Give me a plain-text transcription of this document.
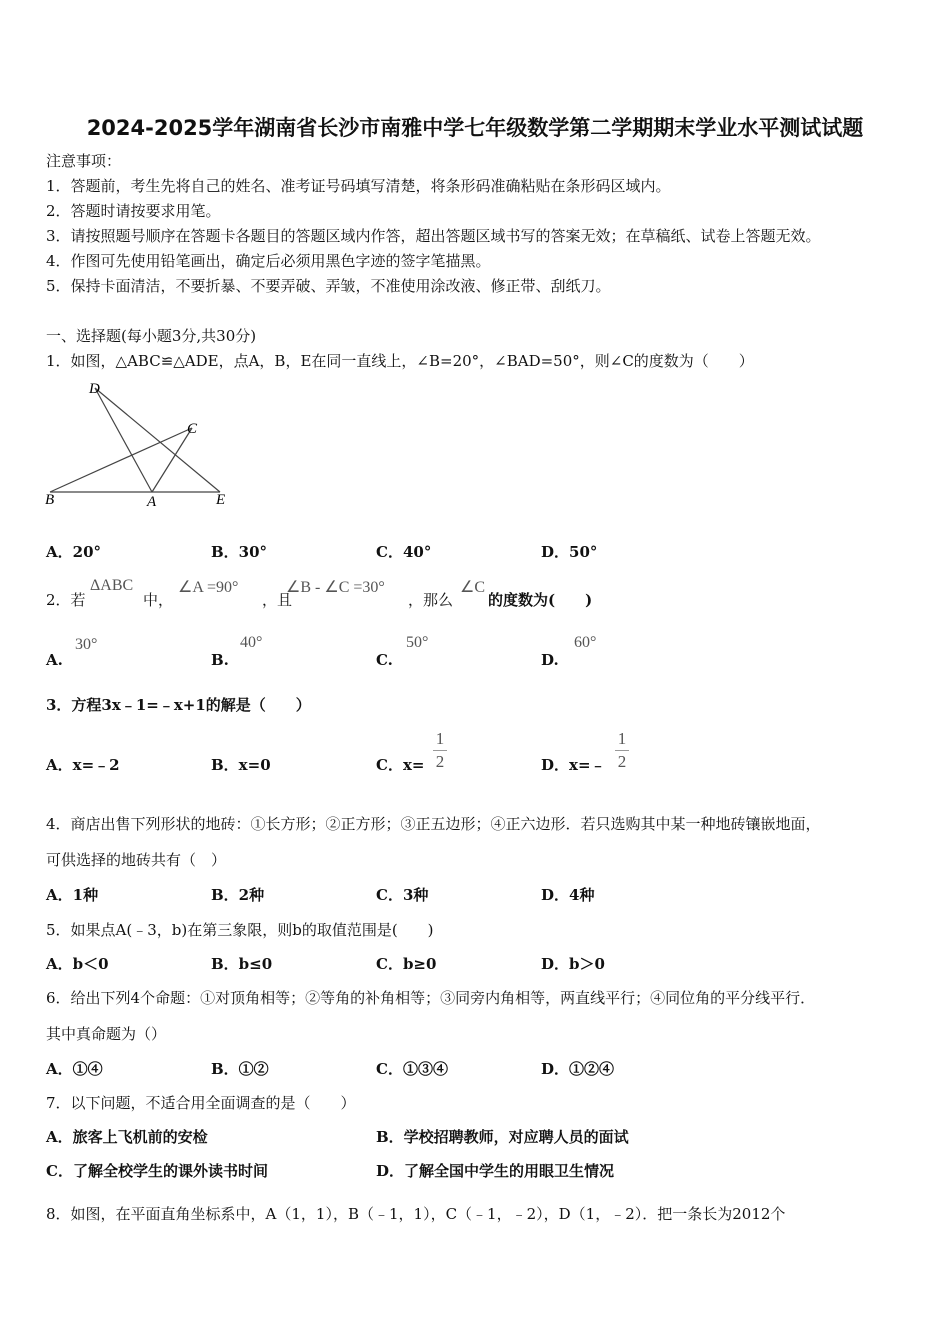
2024-2025学年湖南省长沙市南雅中学七年级数学第二学期期末学业水平测试试题
注意事项：
1．答题前，考生先将自己的姓名、准考证号码填写清楚，将条形码准确粘贴在条形码区域内。
2．答题时请按要求用笔。
3．请按照题号顺序在答题卡各题目的答题区域内作答，超出答题区域书写的答案无效；在草稿纸、试卷上答题无效。
4．作图可先使用铅笔画出，确定后必须用黑色字迹的签字笔描黑。
5．保持卡面清洁，不要折暴、不要弄破、弄皱，不准使用涂改液、修正带、刮纸刀。
一、选择题(每小题3分,共30分)
1．如图，△ABC≌△ADE，点A，B，E在同一直线上，∠B=20°，∠BAD=50°，则∠C的度数为（　　）
D
C
B	A	E
A．20°	B．30°	C．40°	D．50°
2．若
ΔABC
中，
∠A =90°
，且
∠B - ∠C =30°
，那么
∠C
的度数为(　　)
A.
30°
B.
40°
C.
50°
D.
60°
3．方程3x﹣1=﹣x+1的解是（　　）
A．x=﹣2	B．x=0	C．x=
1
2	D．x=﹣
1
2
4．商店出售下列形状的地砖：①长方形；②正方形；③正五边形；④正六边形．若只选购其中某一种地砖镶嵌地面，
可供选择的地砖共有（　）
A．1种	B．2种	C．3种	D．4种
5．如果点A(﹣3，b)在第三象限，则b的取值范围是(　　)
A．b＜0	B．b≤0	C．b≥0	D．b＞0
6．给出下列4个命题：①对顶角相等；②等角的补角相等；③同旁内角相等，两直线平行；④同位角的平分线平行．
其中真命题为（）
A．①④	B．①②	C．①③④	D．①②④
7．以下问题，不适合用全面调查的是（　　）
A．旅客上飞机前的安检	B．学校招聘教师，对应聘人员的面试
C．了解全校学生的课外读书时间	D．了解全国中学生的用眼卫生情况
8．如图，在平面直角坐标系中，A（1，1），B（﹣1，1），C（﹣1，﹣2），D（1，﹣2）．把一条长为2012个
